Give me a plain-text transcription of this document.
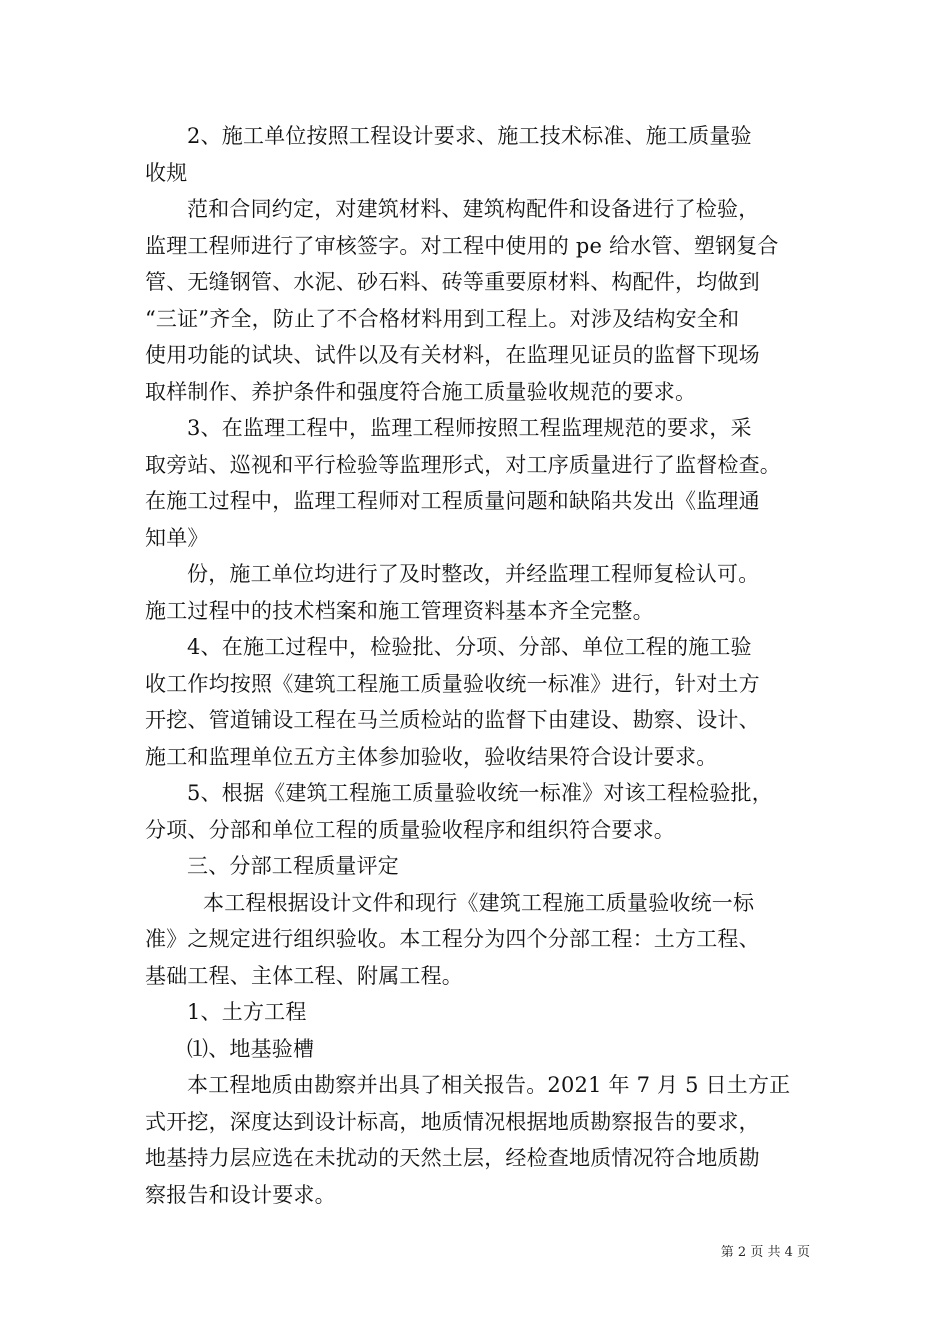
2、施工单位按照工程设计要求、施工技术标准、施工质量验
收规
范和合同约定，对建筑材料、建筑构配件和设备进行了检验，
监理工程师进行了审核签字。对工程中使用的 pe 给水管、塑钢复合
管、无缝钢管、水泥、砂石料、砖等重要原材料、构配件，均做到
“三证”齐全，防止了不合格材料用到工程上。对涉及结构安全和
使用功能的试块、试件以及有关材料，在监理见证员的监督下现场
取样制作、养护条件和强度符合施工质量验收规范的要求。
3、在监理工程中，监理工程师按照工程监理规范的要求，采
取旁站、巡视和平行检验等监理形式，对工序质量进行了监督检查。
在施工过程中，监理工程师对工程质量问题和缺陷共发出《监理通
知单》
份，施工单位均进行了及时整改，并经监理工程师复检认可。
施工过程中的技术档案和施工管理资料基本齐全完整。
4、在施工过程中，检验批、分项、分部、单位工程的施工验
收工作均按照《建筑工程施工质量验收统一标准》进行，针对土方
开挖、管道铺设工程在马兰质检站的监督下由建设、勘察、设计、
施工和监理单位五方主体参加验收，验收结果符合设计要求。
5、根据《建筑工程施工质量验收统一标准》对该工程检验批，
分项、分部和单位工程的质量验收程序和组织符合要求。
三、分部工程质量评定
本工程根据设计文件和现行《建筑工程施工质量验收统一标
准》之规定进行组织验收。本工程分为四个分部工程：土方工程、
基础工程、主体工程、附属工程。
1、土方工程
⑴、地基验槽
本工程地质由勘察并出具了相关报告。2021 年 7 月 5 日土方正
式开挖，深度达到设计标高，地质情况根据地质勘察报告的要求，
地基持力层应选在未扰动的天然土层，经检查地质情况符合地质勘
察报告和设计要求。
第 2 页 共 4 页
